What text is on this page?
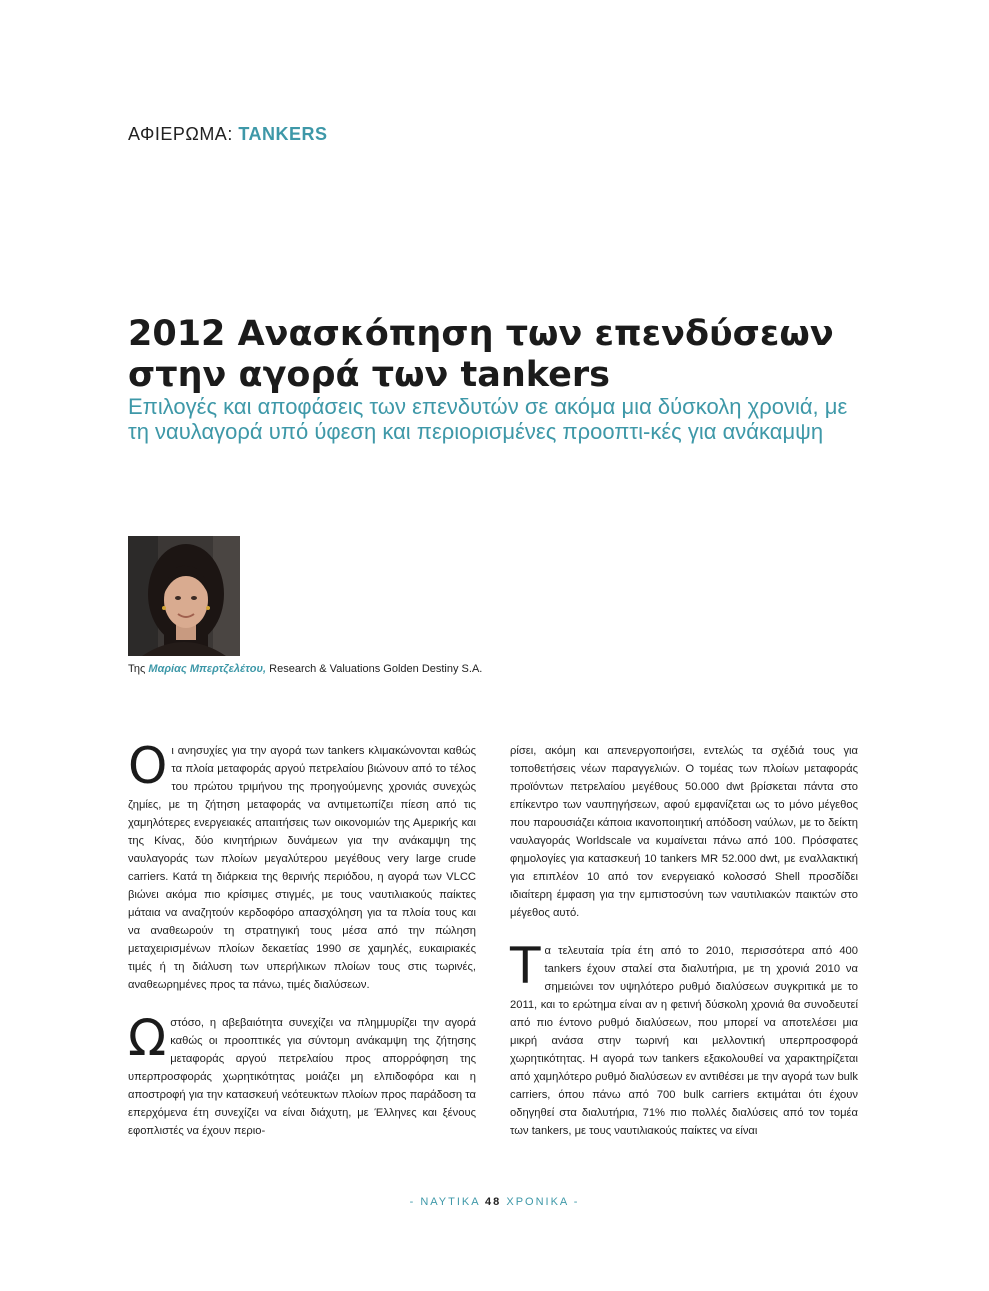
ΑΦΙΕΡΩΜΑ: TANKERS
2012 Ανασκόπηση των επενδύσεων στην αγορά των tankers

Επιλογές και αποφάσεις των επενδυτών σε ακόμα μια δύσκολη χρονιά, με τη ναυλαγορά υπό ύφεση και περιορισμένες προοπτι-κές για ανάκαμψη

Της Μαρίας Μπερτζελέτου, Research & Valuations Golden Destiny S.A.

Οι ανησυχίες για την αγορά των tankers κλιμακώνονται καθώς τα πλοία μεταφοράς αργού πετρελαίου βιώνουν από το τέλος του πρώτου τριμήνου της προηγούμενης χρονιάς συνεχώς ζημίες, με τη ζήτηση μεταφοράς να αντιμετωπίζει πίεση από τις χαμηλότερες ενεργειακές απαιτήσεις των οικονομιών της Αμερικής και της Κίνας, δύο κινητήριων δυνάμεων για την ανάκαμψη της ναυλαγοράς των πλοίων μεγαλύτερου μεγέθους very large crude carriers. Κατά τη διάρκεια της θερινής περιόδου, η αγορά των VLCC βιώνει ακόμα πιο κρίσιμες στιγμές, με τους ναυτιλιακούς παίκτες μάταια να αναζητούν κερδοφόρο απασχόληση για τα πλοία τους και να αναθεωρούν τη στρατηγική τους μέσα από την πώληση μεταχειρισμένων πλοίων δεκαετίας 1990 σε χαμηλές, ευκαιριακές τιμές ή τη διάλυση των υπερήλικων πλοίων τους στις τωρινές, αναθεωρημένες προς τα πάνω, τιμές διαλύσεων.

Ωστόσο, η αβεβαιότητα συνεχίζει να πλημμυρίζει την αγορά καθώς οι προοπτικές για σύντομη ανάκαμψη της ζήτησης μεταφοράς αργού πετρελαίου προς απορρόφηση της υπερπροσφοράς χωρητικότητας μοιάζει μη ελπιδοφόρα και η αποστροφή για την κατασκευή νεότευκτων πλοίων προς παράδοση τα επερχόμενα έτη συνεχίζει να είναι διάχυτη, με Έλληνες και ξένους εφοπλιστές να έχουν περιο-

ρίσει, ακόμη και απενεργοποιήσει, εντελώς τα σχέδιά τους για τοποθετήσεις νέων παραγγελιών. Ο τομέας των πλοίων μεταφοράς προϊόντων πετρελαίου μεγέθους 50.000 dwt βρίσκεται πάντα στο επίκεντρο των ναυπηγήσεων, αφού εμφανίζεται ως το μόνο μέγεθος που παρουσιάζει κάποια ικανοποιητική απόδοση ναύλων, με το δείκτη ναυλαγοράς Worldscale να κυμαίνεται πάνω από 100. Πρόσφατες φημολογίες για κατασκευή 10 tankers MR 52.000 dwt, με εναλλακτική για επιπλέον 10 από τον ενεργειακό κολοσσό Shell προσδίδει ιδιαίτερη έμφαση για την εμπιστοσύνη των ναυτιλιακών παικτών στο μέγεθος αυτό.

Τα τελευταία τρία έτη από το 2010, περισσότερα από 400 tankers έχουν σταλεί στα διαλυτήρια, με τη χρονιά 2010 να σημειώνει τον υψηλότερο ρυθμό διαλύσεων συγκριτικά με το 2011, και το ερώτημα είναι αν η φετινή δύσκολη χρονιά θα συνοδευτεί από πιο έντονο ρυθμό διαλύσεων, που μπορεί να αποτελέσει μια μικρή ανάσα στην τωρινή και μελλοντική υπερπροσφορά χωρητικότητας. Η αγορά των tankers εξακολουθεί να χαρακτηρίζεται από χαμηλότερο ρυθμό διαλύσεων εν αντιθέσει με την αγορά των bulk carriers, όπου πάνω από 700 bulk carriers εκτιμάται ότι έχουν οδηγηθεί στα διαλυτήρια, 71% πιο πολλές διαλύσεις από τον τομέα των tankers, με τους ναυτιλιακούς παίκτες να είναι

- ΝΑΥΤΙΚΑ 48 ΧΡΟΝΙΚΑ -
